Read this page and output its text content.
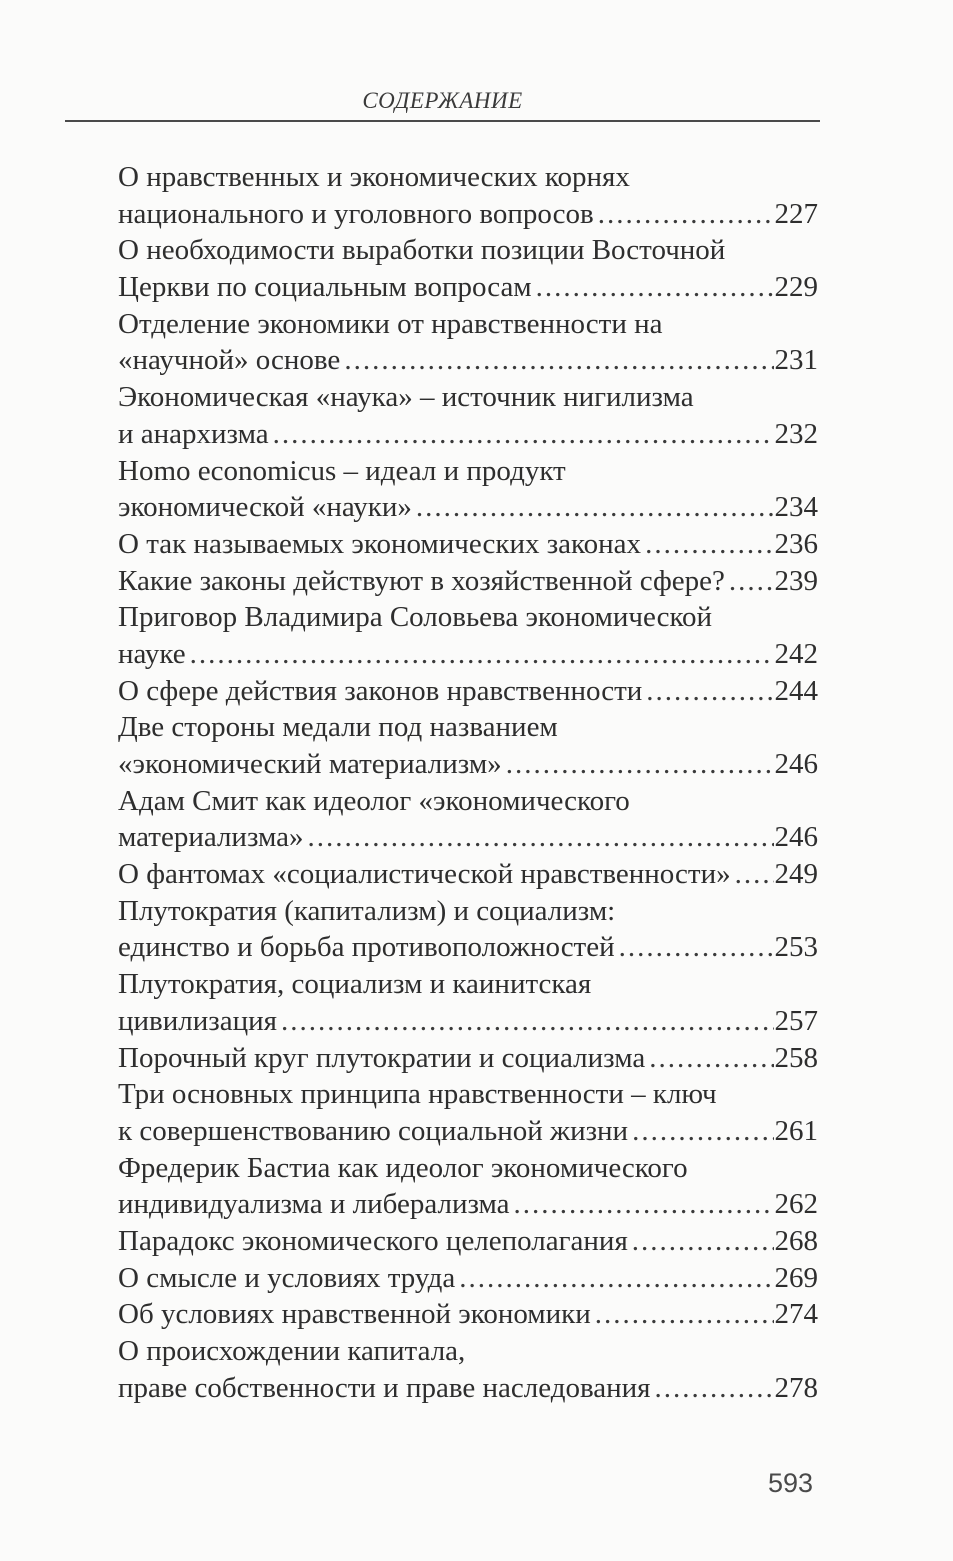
СОДЕРЖАНИЕ
О нравственных и экономических корнях
национального и уголовного вопросов .....	227
О необходимости выработки позиции Восточной
Церкви по социальным вопросам .....	229
Отделение экономики от нравственности на
«научной» основе .....	231
Экономическая «наука» – источник нигилизма
и анархизма .....	232
Homo economicus – идеал и продукт
экономической «науки» .....	234
О так называемых экономических законах .....	236
Какие законы действуют в хозяйственной сфере? ..... 239
Приговор Владимира Соловьева экономической
науке .....	242
О сфере действия законов нравственности .....	244
Две стороны медали под названием
«экономический материализм» .....	246
Адам Смит как идеолог «экономического
материализма» .....	246
О фантомах «социалистической нравственности» ..... 249
Плутократия (капитализм) и социализм:
единство и борьба противоположностей .....	253
Плутократия, социализм и каинитская
цивилизация .....	257
Порочный круг плутократии и социализма .....	258
Три основных принципа нравственности – ключ
к совершенствованию социальной жизни .....	261
Фредерик Бастиа как идеолог экономического
индивидуализма и либерализма .....	262
Парадокс экономического целеполагания .....	268
О смысле и условиях труда .....	269
Об условиях нравственной экономики .....	274
О происхождении капитала,
праве собственности и праве наследования .....	278
593
